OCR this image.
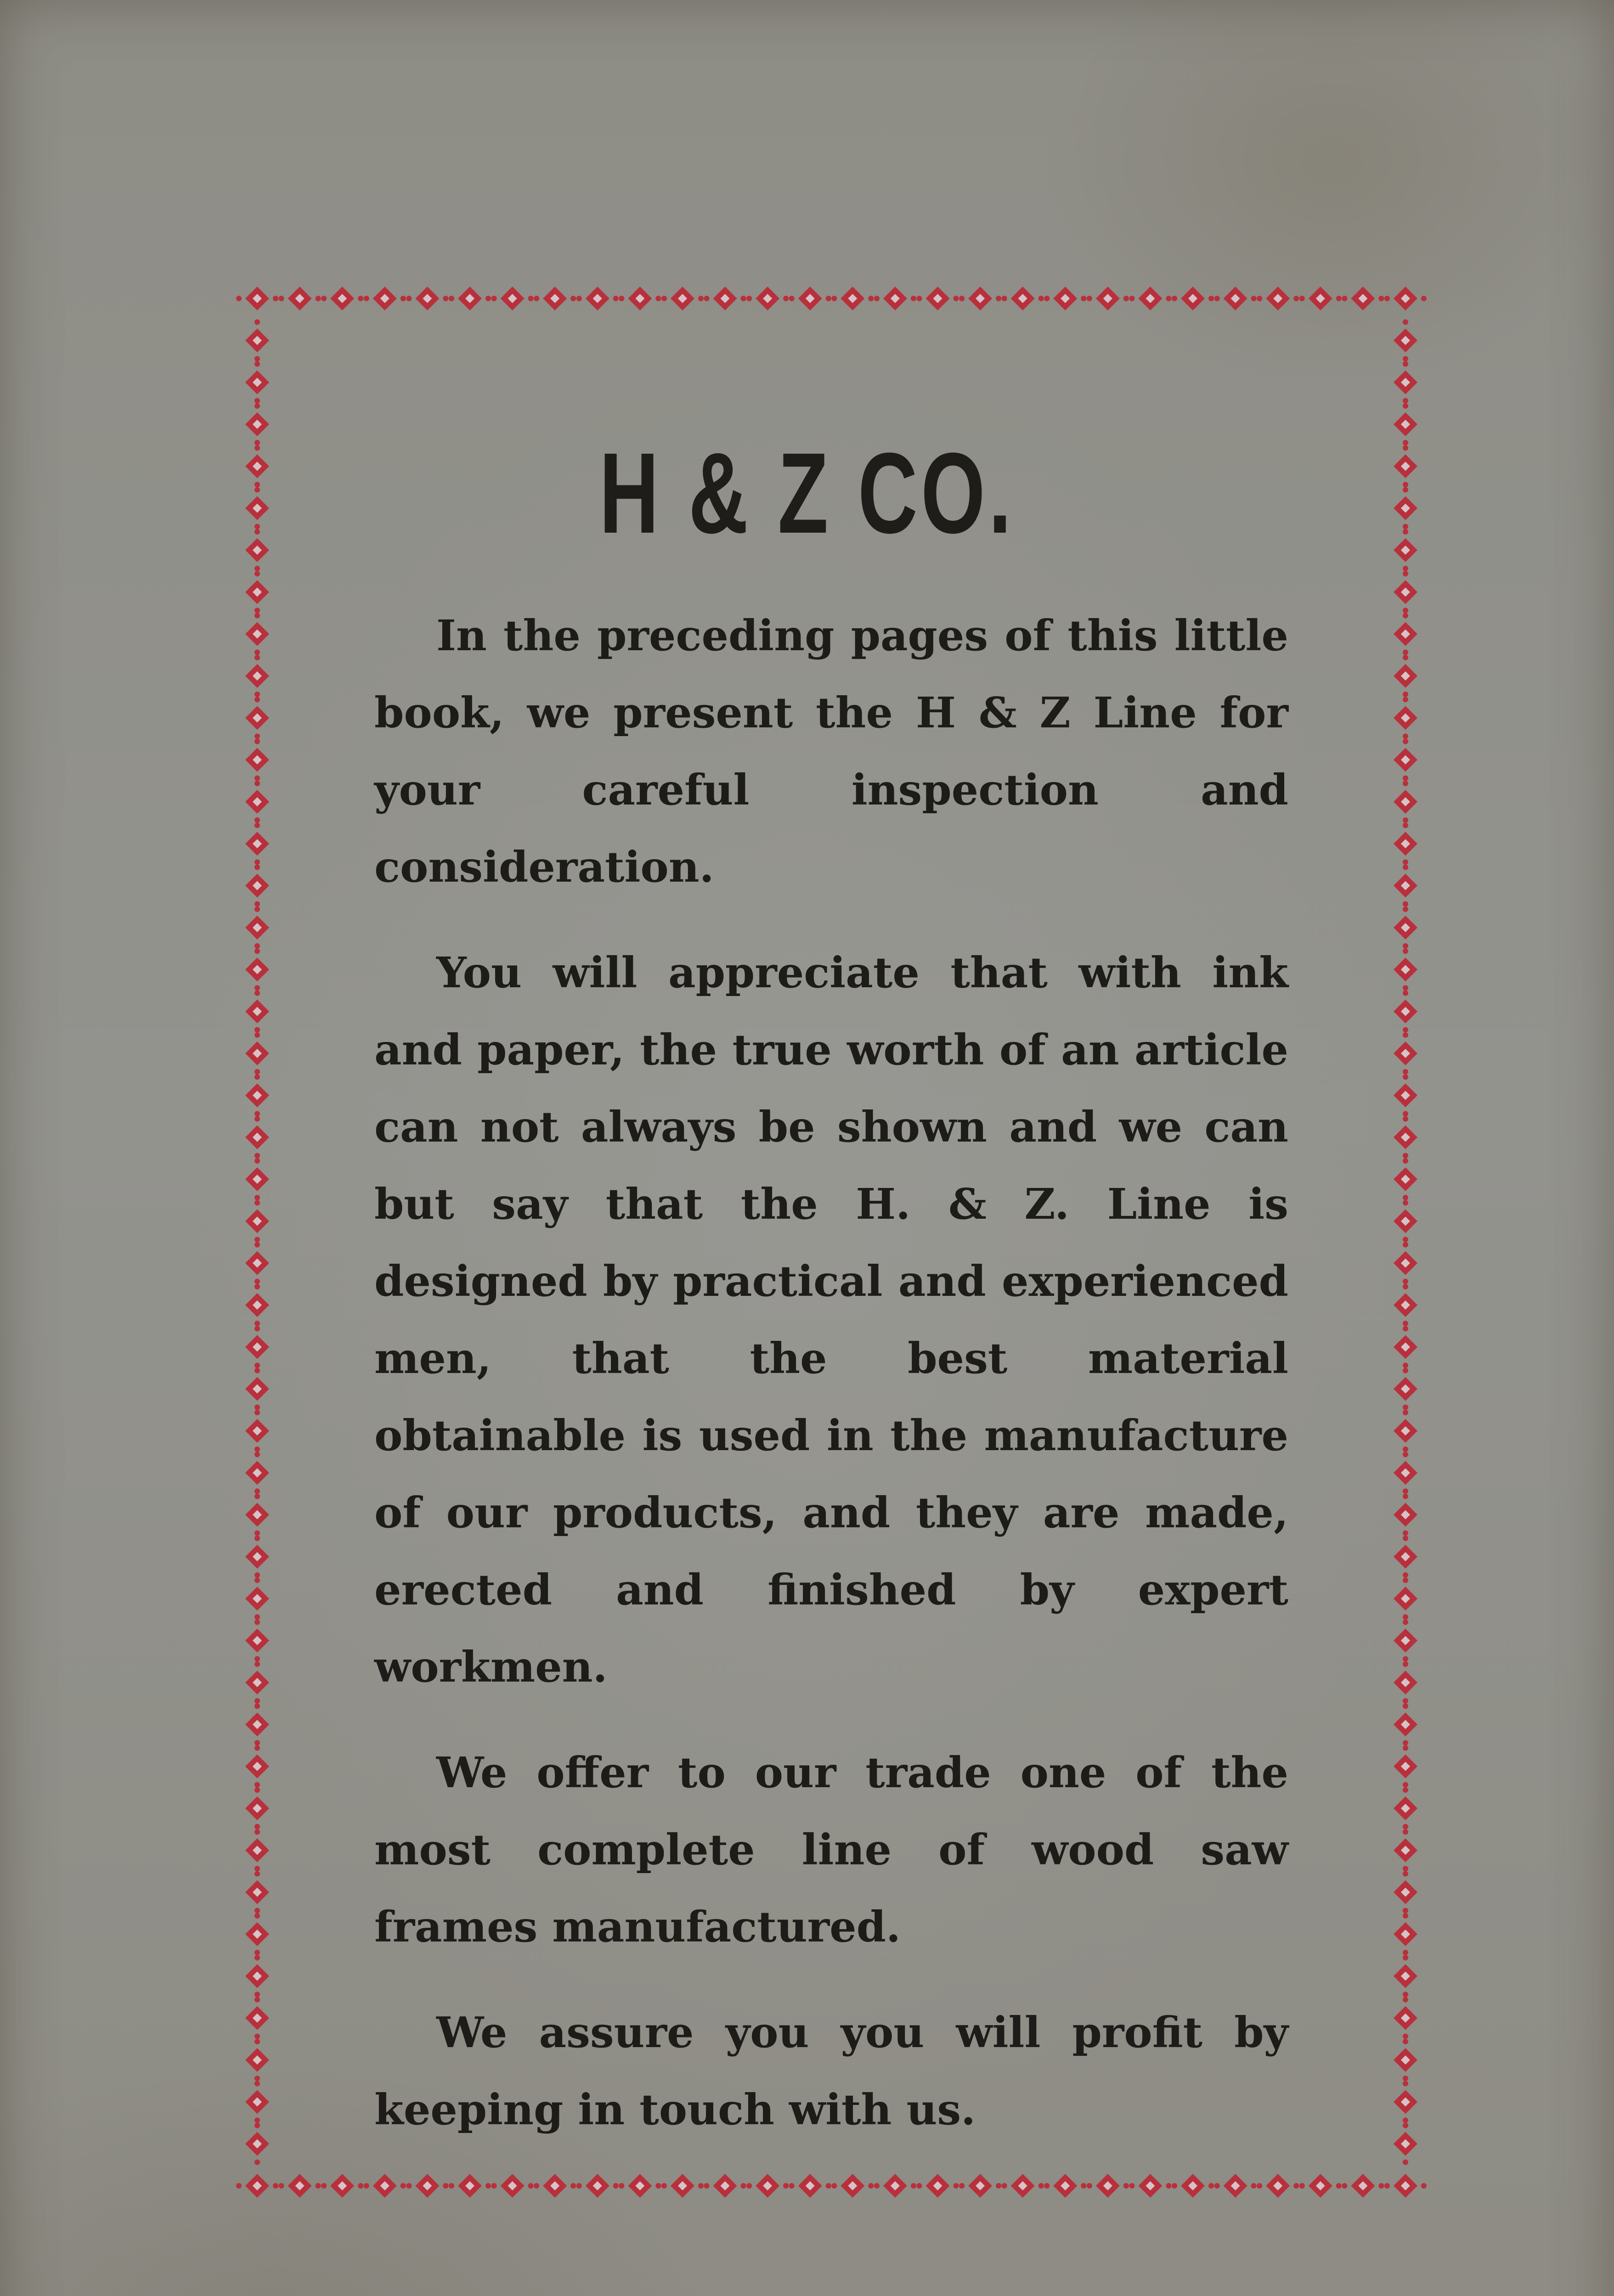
H & Z CO.

In the preceding pages of this little book, we present the H & Z Line for your careful inspection and consideration.

You will appreciate that with ink and paper, the true worth of an article can not always be shown and we can but say that the H. & Z. Line is designed by practical and experienced men, that the best material obtainable is used in the manufacture of our products, and they are made, erected and finished by expert workmen.

We offer to our trade one of the most complete line of wood saw frames manufactured.

We assure you you will profit by keeping in touch with us.
